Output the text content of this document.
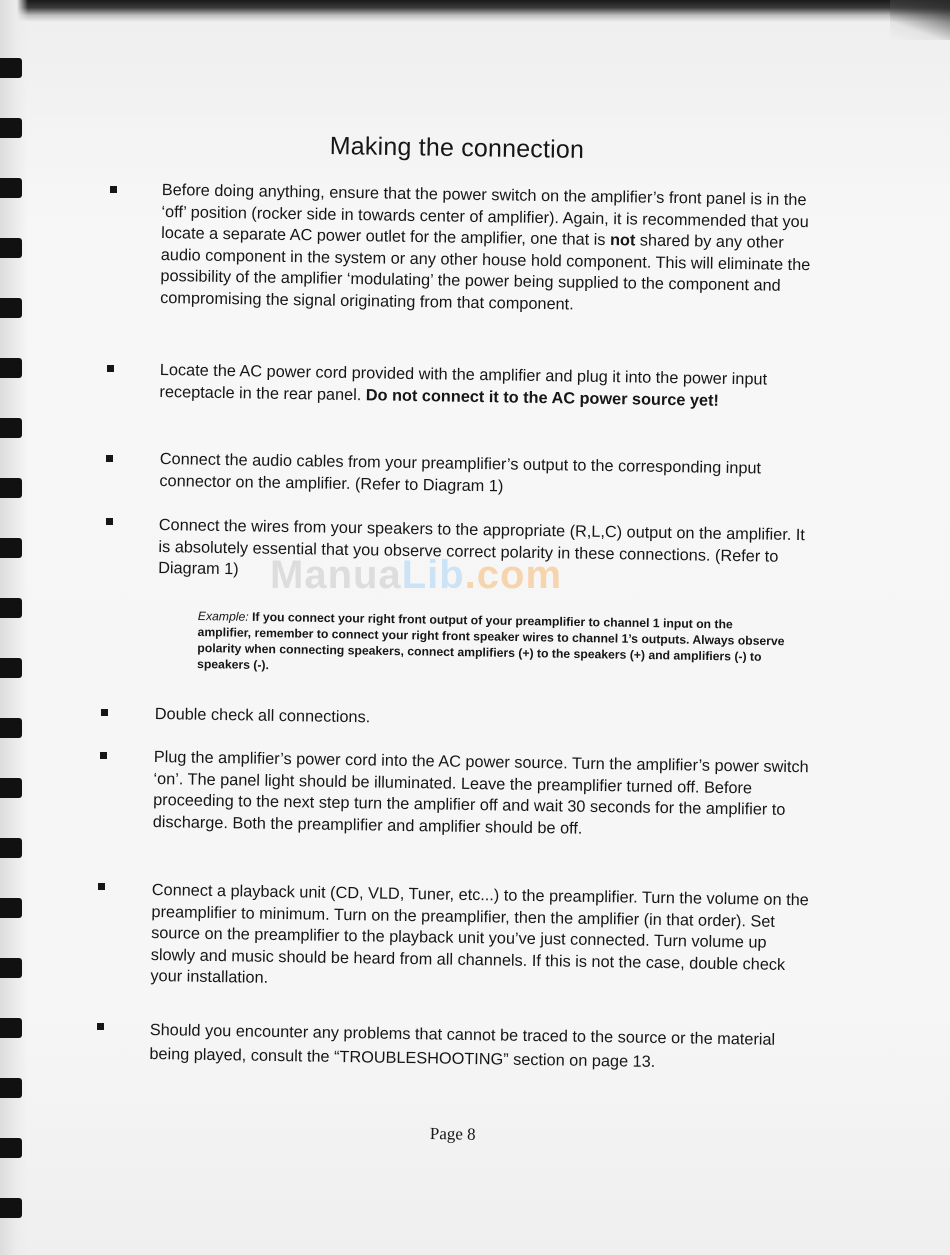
Making the connection
ManuaLib.com

Before doing anything, ensure that the power switch on the amplifier’s front panel is in the ‘off’ position (rocker side in towards center of amplifier). Again, it is recommended that you locate a separate AC power outlet for the amplifier, one that is not shared by any other audio component in the system or any other house hold component. This will eliminate the possibility of the amplifier ‘modulating’ the power being supplied to the component and compromising the signal originating from that component.

Locate the AC power cord provided with the amplifier and plug it into the power input receptacle in the rear panel. Do not connect it to the AC power source yet!

Connect the audio cables from your preamplifier’s output to the corresponding input connector on the amplifier. (Refer to Diagram 1)

Connect the wires from your speakers to the appropriate (R,L,C) output on the amplifier. It is absolutely essential that you observe correct polarity in these connections. (Refer to Diagram 1)

Example: If you connect your right front output of your preamplifier to channel 1 input on the amplifier, remember to connect your right front speaker wires to channel 1’s outputs. Always observe polarity when connecting speakers, connect amplifiers (+) to the speakers (+) and amplifiers (-) to speakers (-).

Double check all connections.

Plug the amplifier’s power cord into the AC power source. Turn the amplifier’s power switch ‘on’. The panel light should be illuminated. Leave the preamplifier turned off. Before proceeding to the next step turn the amplifier off and wait 30 seconds for the amplifier to discharge. Both the preamplifier and amplifier should be off.

Connect a playback unit (CD, VLD, Tuner, etc...) to the preamplifier. Turn the volume on the preamplifier to minimum. Turn on the preamplifier, then the amplifier (in that order). Set source on the preamplifier to the playback unit you’ve just connected. Turn volume up slowly and music should be heard from all channels. If this is not the case, double check your installation.

Should you encounter any problems that cannot be traced to the source or the material being played, consult the “TROUBLESHOOTING” section on page 13.

Page 8
